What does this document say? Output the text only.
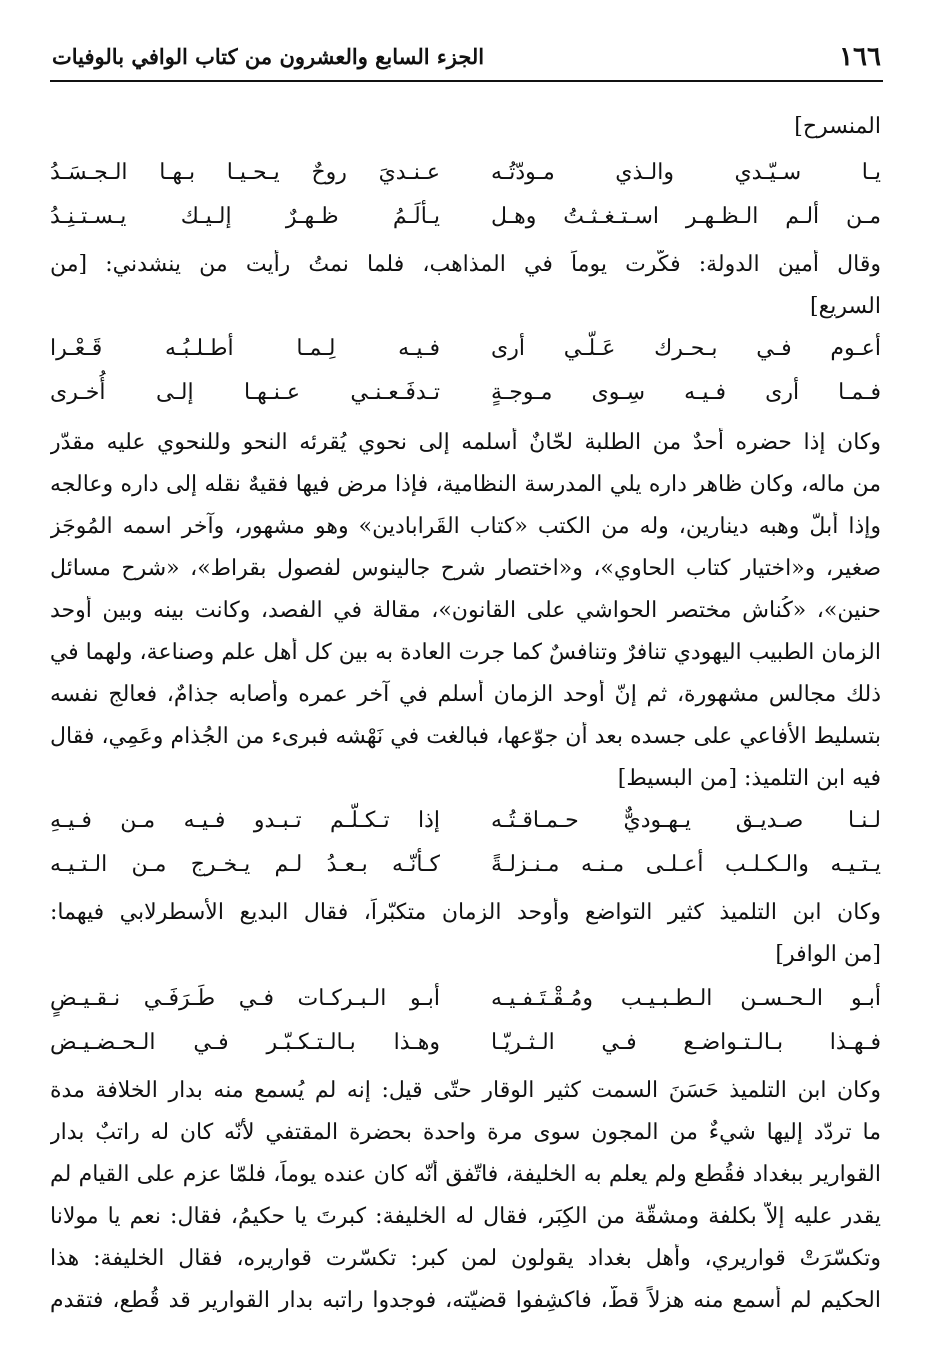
١٦٦
الجزء السابع والعشرون من كتاب الوافي بالوفيات
المنسرح]
يـا سـيّـدي والـذي مـودّتُـه
عـنـديَ روحٌ يـحـيـا بـهـا الـجـسَـدُ
مـن ألـم الـظـهـر اسـتـغـثـتُ وهـل
يـألَـمُ ظـهـرٌ إلـيـك يـسـتـنِـدُ
وقال أمين الدولة: فكّرت يوماً في المذاهب، فلما نمتُ رأيت من ينشدني: [من
السريع]
أعـوم فـي بـحـرك عَـلّـي أرى
فـيـه لِـمـا أطـلـبُـه قَـعْـرا
فـمـا أرى فـيـه سِـوى مـوجـةٍ
تـدفَـعـنـي عـنـهـا إلـى أُخـرى
وكان إذا حضره أحدٌ من الطلبة لحّانٌ أسلمه إلى نحوي يُقرئه النحو وللنحوي عليه مقدّر
من ماله، وكان ظاهر داره يلي المدرسة النظامية، فإذا مرض فيها فقيهٌ نقله إلى داره وعالجه
وإذا أبلّ وهبه دينارين، وله من الكتب «كتاب القَرابادين» وهو مشهور، وآخر اسمه المُوجَز
صغير، و«اختيار كتاب الحاوي»، و«اختصار شرح جالينوس لفصول بقراط»، «شرح مسائل
حنين»، «كُناش مختصر الحواشي على القانون»، مقالة في الفصد، وكانت بينه وبين أوحد
الزمان الطبيب اليهودي تنافرٌ وتنافسٌ كما جرت العادة به بين كل أهل علم وصناعة، ولهما في
ذلك مجالس مشهورة، ثم إنّ أوحد الزمان أسلم في آخر عمره وأصابه جذامٌ، فعالج نفسه
بتسليط الأفاعي على جسده بعد أن جوّعها، فبالغت في نَهْشه فبرىء من الجُذام وعَمِي، فقال
فيه ابن التلميذ: [من البسيط]
لـنـا صـديـق يـهـوديٌّ حـمـاقـتُـه
إذا تـكـلّـم تـبـدو فـيـه مـن فـيـهِ
يـتـيـه والـكـلـب أعـلـى مـنـه مـنـزلـةً
كـأنّـه بـعـدُ لـم يـخـرج مـن الـتـيـه
وكان ابن التلميذ كثير التواضع وأوحد الزمان متكبّراً، فقال البديع الأسطرلابي فيهما:
[من الوافر]
أبـو الـحـسـن الـطـبـيـب ومُـقْـتَـفـيـه
أبـو الـبـركـات فـي طَـرَفَـي نـقـيـضٍ
فـهـذا بـالـتـواضـع فـي الـثـريّـا
وهـذا بـالـتـكـبّـر فـي الـحـضـيـض
وكان ابن التلميذ حَسَنَ السمت كثير الوقار حتّى قيل: إنه لم يُسمع منه بدار الخلافة مدة
ما تردّد إليها شيءٌ من المجون سوى مرة واحدة بحضرة المقتفي لأنّه كان له راتبٌ بدار
القوارير ببغداد فقُطع ولم يعلم به الخليفة، فاتّفق أنّه كان عنده يوماً، فلمّا عزم على القيام لم
يقدر عليه إلاّ بكلفة ومشقّة من الكِبَر، فقال له الخليفة: كبرتَ يا حكيمُ، فقال: نعم يا مولانا
وتكسّرَتْ قواريري، وأهل بغداد يقولون لمن كبر: تكسّرت قواريره، فقال الخليفة: هذا
الحكيم لم أسمع منه هزلاً قطّ، فاكشِفوا قضيّته، فوجدوا راتبه بدار القوارير قد قُطع، فتقدم
